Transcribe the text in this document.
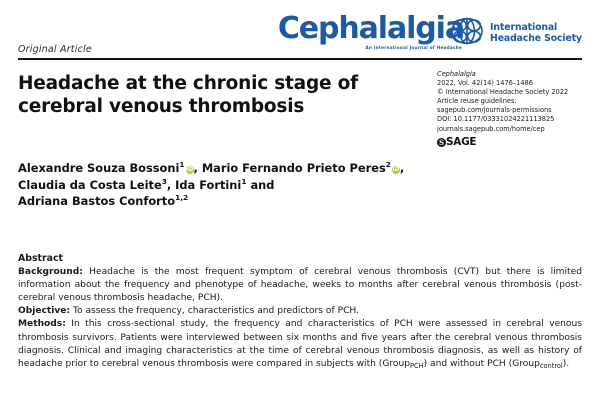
Original Article
Cephalalgia
An International Journal of Headache
International
Headache Society
Headache at the chronic stage of cerebral venous thrombosis
Cephalalgia
2022, Vol. 42(14) 1476–1486
© International Headache Society 2022
Article reuse guidelines:
sagepub.com/journals-permissions
DOI: 10.1177/03331024221113825
journals.sagepub.com/home/cep
S SAGE
Alexandre Souza Bossoni$^1$iD, Mario Fernando Prieto Peres$^2$iD,
Claudia da Costa Leite$^3$, Ida Fortini$^1$ and
Adriana Bastos Conforto$^{1,2}$
Abstract

Background: Headache is the most frequent symptom of cerebral venous thrombosis (CVT) but there is limited information about the frequency and phenotype of headache, weeks to months after cerebral venous thrombosis (post-cerebral venous thrombosis headache, PCH).

Objective: To assess the frequency, characteristics and predictors of PCH.

Methods: In this cross-sectional study, the frequency and characteristics of PCH were assessed in cerebral venous thrombosis survivors. Patients were interviewed between six months and five years after the cerebral venous thrombosis diagnosis. Clinical and imaging characteristics at the time of cerebral venous thrombosis diagnosis, as well as history of headache prior to cerebral venous thrombosis were compared in subjects with (Group$_{PCH}$) and without PCH (Group$_{control}$).
